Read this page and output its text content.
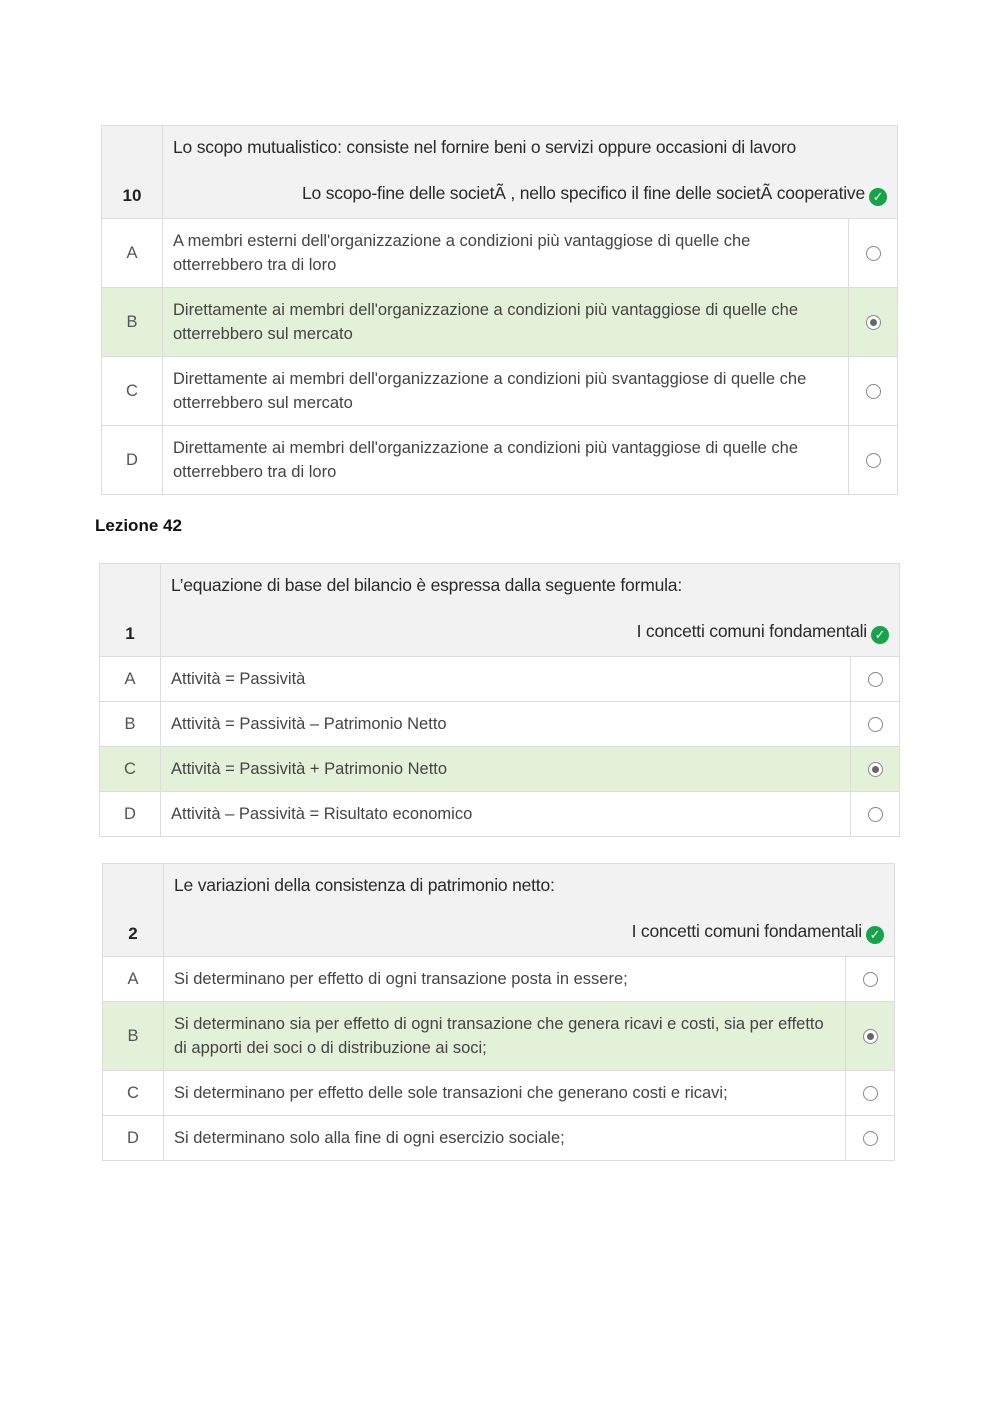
10	Lo scopo mutualistico: consiste nel fornire beni o servizi oppure occasioni di lavoro
Lo scopo-fine delle societÃ , nello specifico il fine delle societÃ cooperative ✓	

A	A membri esterni dell'organizzazione a condizioni più vantaggiose di quelle che otterrebbero tra di loro	
B	Direttamente ai membri dell'organizzazione a condizioni più vantaggiose di quelle che otterrebbero sul mercato	
C	Direttamente ai membri dell'organizzazione a condizioni più svantaggiose di quelle che otterrebbero sul mercato	
D	Direttamente ai membri dell'organizzazione a condizioni più vantaggiose di quelle che otterrebbero tra di loro	
Lezione 42
1	L’equazione di base del bilancio è espressa dalla seguente formula:
I concetti comuni fondamentali ✓	

A	Attività = Passività	
B	Attività = Passività – Patrimonio Netto	
C	Attività = Passività + Patrimonio Netto	
D	Attività – Passività = Risultato economico	
2	Le variazioni della consistenza di patrimonio netto:
I concetti comuni fondamentali ✓	

A	Si determinano per effetto di ogni transazione posta in essere;	
B	Si determinano sia per effetto di ogni transazione che genera ricavi e costi, sia per effetto di apporti dei soci o di distribuzione ai soci;	
C	Si determinano per effetto delle sole transazioni che generano costi e ricavi;	
D	Si determinano solo alla fine di ogni esercizio sociale;	
